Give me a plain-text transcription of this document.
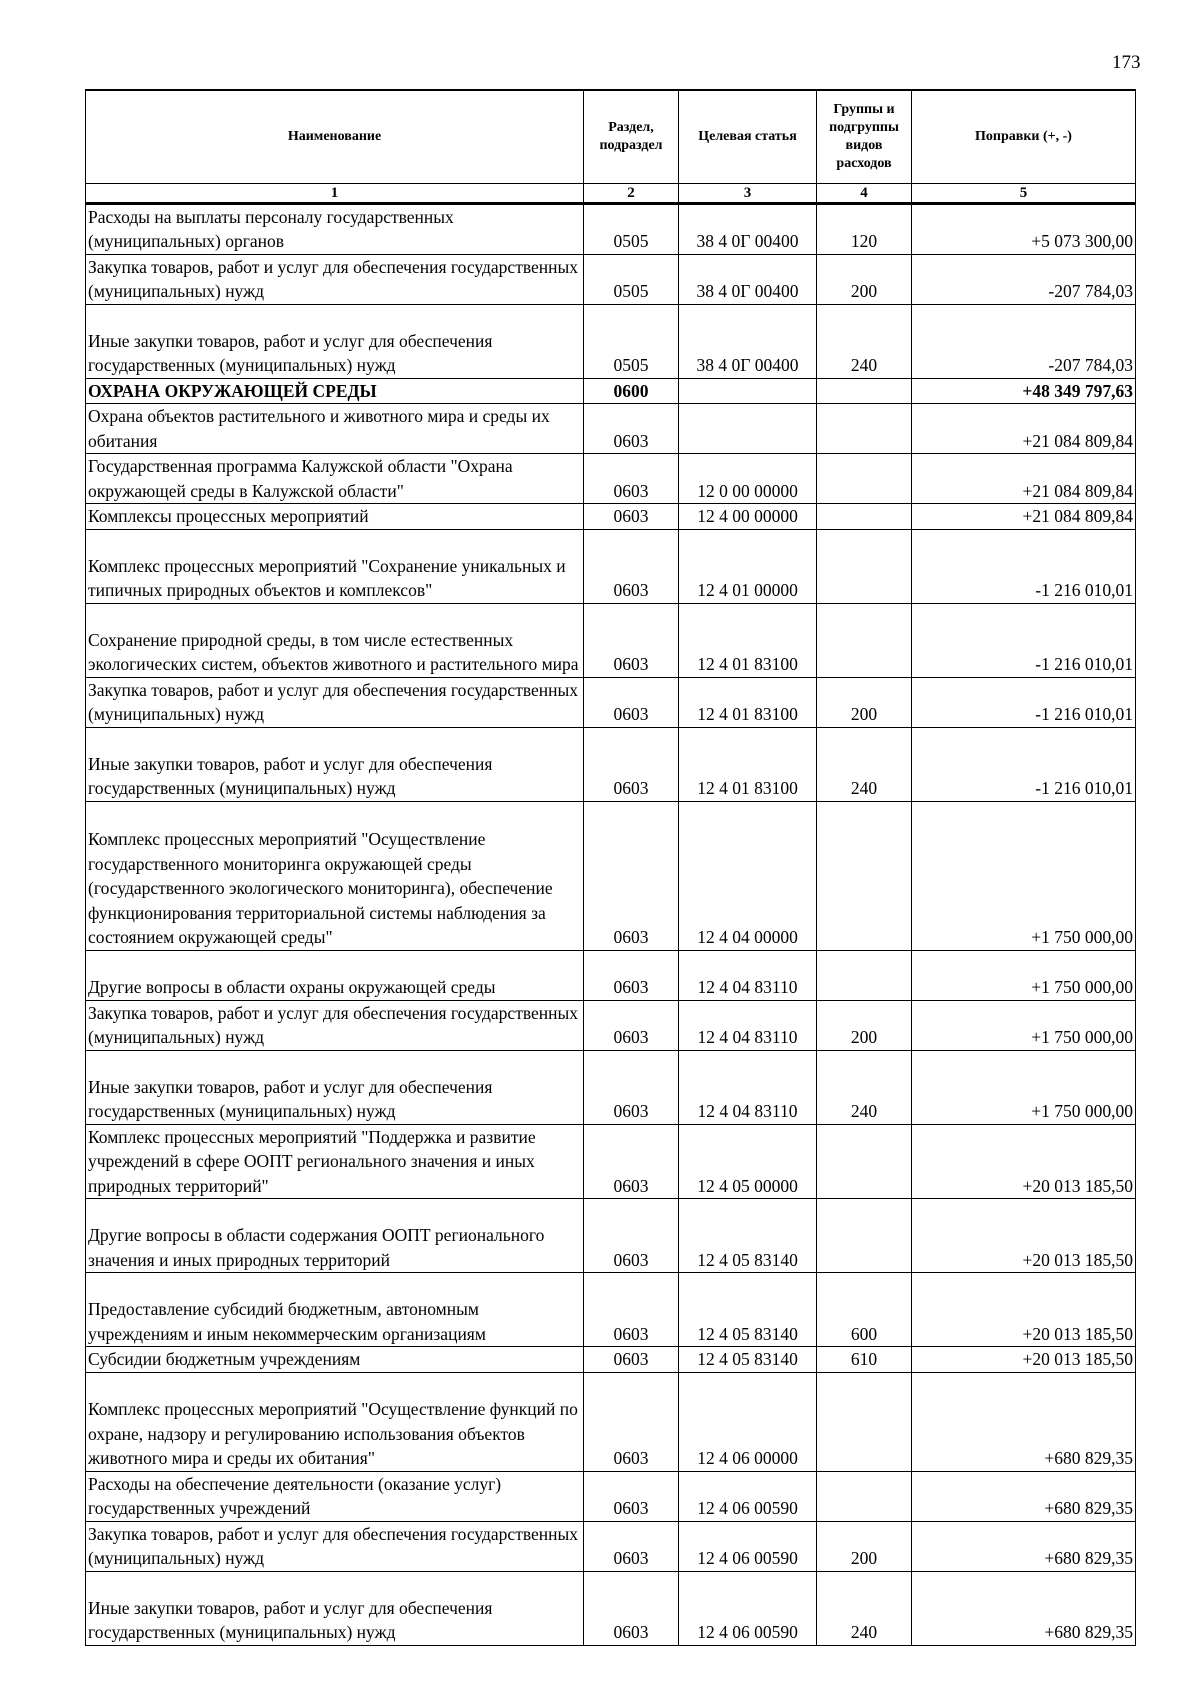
173
Наименование	Раздел, подраздел	Целевая статья	Группы и подгруппы видов расходов	Поправки (+, -)
1	2	3	4	5
Расходы на выплаты персоналу государственных (муниципальных) органов	0505	38 4 0Г 00400	120	+5 073 300,00
Закупка товаров, работ и услуг для обеспечения государственных (муниципальных) нужд	0505	38 4 0Г 00400	200	-207 784,03
Иные закупки товаров, работ и услуг для обеспечения государственных (муниципальных) нужд	0505	38 4 0Г 00400	240	-207 784,03
ОХРАНА ОКРУЖАЮЩЕЙ СРЕДЫ	0600			+48 349 797,63
Охрана объектов растительного и животного мира и среды их обитания	0603			+21 084 809,84
Государственная программа Калужской области "Охрана окружающей среды в Калужской области"	0603	12 0 00 00000		+21 084 809,84
Комплексы процессных мероприятий	0603	12 4 00 00000		+21 084 809,84
Комплекс процессных мероприятий "Сохранение уникальных и типичных природных объектов и комплексов"	0603	12 4 01 00000		-1 216 010,01
Сохранение природной среды, в том числе естественных экологических систем, объектов животного и растительного мира	0603	12 4 01 83100		-1 216 010,01
Закупка товаров, работ и услуг для обеспечения государственных (муниципальных) нужд	0603	12 4 01 83100	200	-1 216 010,01
Иные закупки товаров, работ и услуг для обеспечения государственных (муниципальных) нужд	0603	12 4 01 83100	240	-1 216 010,01
Комплекс процессных мероприятий "Осуществление государственного мониторинга окружающей среды (государственного экологического мониторинга), обеспечение функционирования территориальной системы наблюдения за состоянием окружающей среды"	0603	12 4 04 00000		+1 750 000,00
Другие вопросы в области охраны окружающей среды	0603	12 4 04 83110		+1 750 000,00
Закупка товаров, работ и услуг для обеспечения государственных (муниципальных) нужд	0603	12 4 04 83110	200	+1 750 000,00
Иные закупки товаров, работ и услуг для обеспечения государственных (муниципальных) нужд	0603	12 4 04 83110	240	+1 750 000,00
Комплекс процессных мероприятий "Поддержка и развитие учреждений в сфере ООПТ регионального значения и иных природных территорий"	0603	12 4 05 00000		+20 013 185,50
Другие вопросы в области содержания ООПТ регионального значения и иных природных территорий	0603	12 4 05 83140		+20 013 185,50
Предоставление субсидий бюджетным, автономным учреждениям и иным некоммерческим организациям	0603	12 4 05 83140	600	+20 013 185,50
Субсидии бюджетным учреждениям	0603	12 4 05 83140	610	+20 013 185,50
Комплекс процессных мероприятий "Осуществление функций по охране, надзору и регулированию использования объектов животного мира и среды их обитания"	0603	12 4 06 00000		+680 829,35
Расходы на обеспечение деятельности (оказание услуг) государственных учреждений	0603	12 4 06 00590		+680 829,35
Закупка товаров, работ и услуг для обеспечения государственных (муниципальных) нужд	0603	12 4 06 00590	200	+680 829,35
Иные закупки товаров, работ и услуг для обеспечения государственных (муниципальных) нужд	0603	12 4 06 00590	240	+680 829,35
